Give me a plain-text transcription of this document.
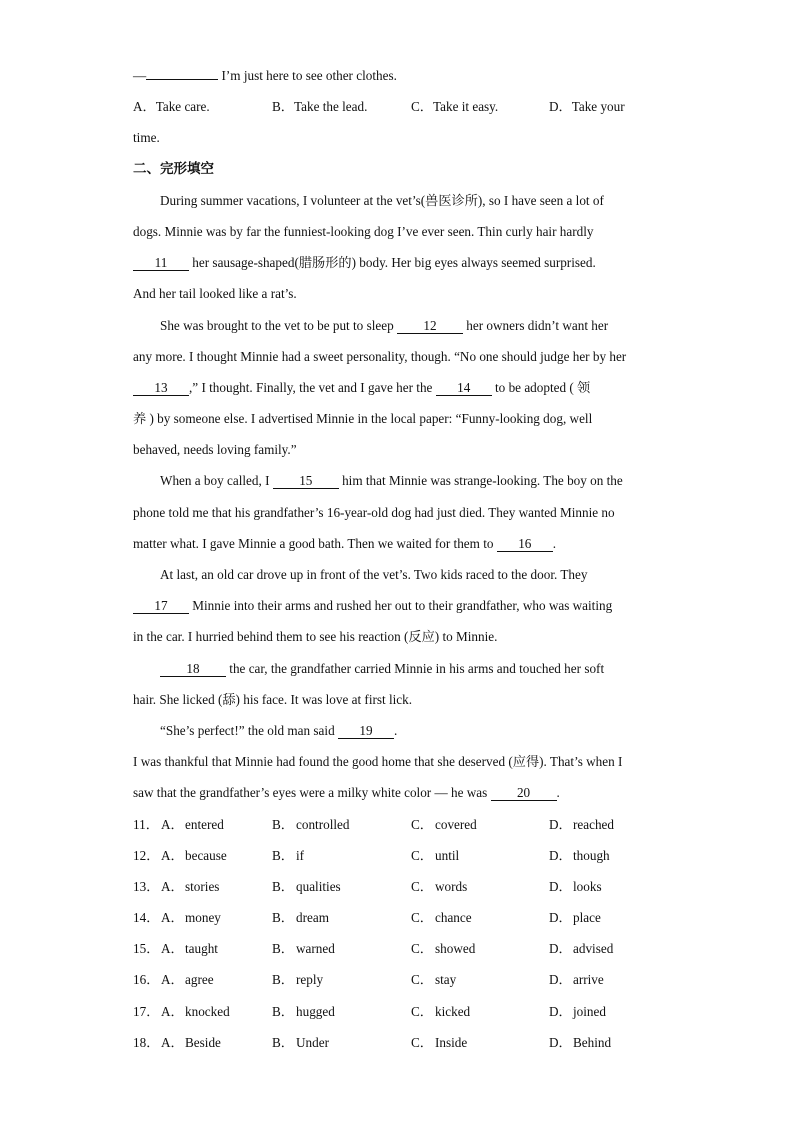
—	I’m just here to see other clothes.
A．Take care.	B．Take the lead.	C．Take it easy.	D．Take your
time.
二、完形填空
During summer vacations, I volunteer at the vet’s(兽医诊所), so I have seen a lot of
dogs. Minnie was by far the funniest-looking dog I’ve ever seen. Thin curly hair hardly
11 her sausage-shaped(腊肠形的) body. Her big eyes always seemed surprised.
And her tail looked like a rat’s.
She was brought to the vet to be put to sleep 12 her owners didn’t want her
any more. I thought Minnie had a sweet personality, though. “No one should judge her by her
13 ,” I thought. Finally, the vet and I gave her the 14 to be adopted ( 领
养 ) by someone else. I advertised Minnie in the local paper: “Funny-looking dog, well
behaved, needs loving family.”
When a boy called, I 15 him that Minnie was strange-looking. The boy on the
phone told me that his grandfather’s 16-year-old dog had just died. They wanted Minnie no
matter what. I gave Minnie a good bath. Then we waited for them to 16 .
At last, an old car drove up in front of the vet’s. Two kids raced to the door. They
17 Minnie into their arms and rushed her out to their grandfather, who was waiting
in the car. I hurried behind them to see his reaction (反应) to Minnie.
18 the car, the grandfather carried Minnie in his arms and touched her soft
hair. She licked (舔) his face. It was love at first lick.
“She’s perfect!” the old man said 19 .
I was thankful that Minnie had found the good home that she deserved (应得). That’s when I
saw that the grandfather’s eyes were a milky white color — he was 20 .
11． A．entered	B． controlled	C． covered	D．reached
12． A．because	B． if	C． until	D．though
13． A．stories	B． qualities	C． words	D．looks
14． A．money	B． dream	C． chance	D．place
15． A．taught	B． warned	C． showed	D．advised
16． A．agree	B． reply	C． stay	D．arrive
17． A．knocked	B． hugged	C． kicked	D．joined
18． A．Beside	B． Under	C． Inside	D．Behind
